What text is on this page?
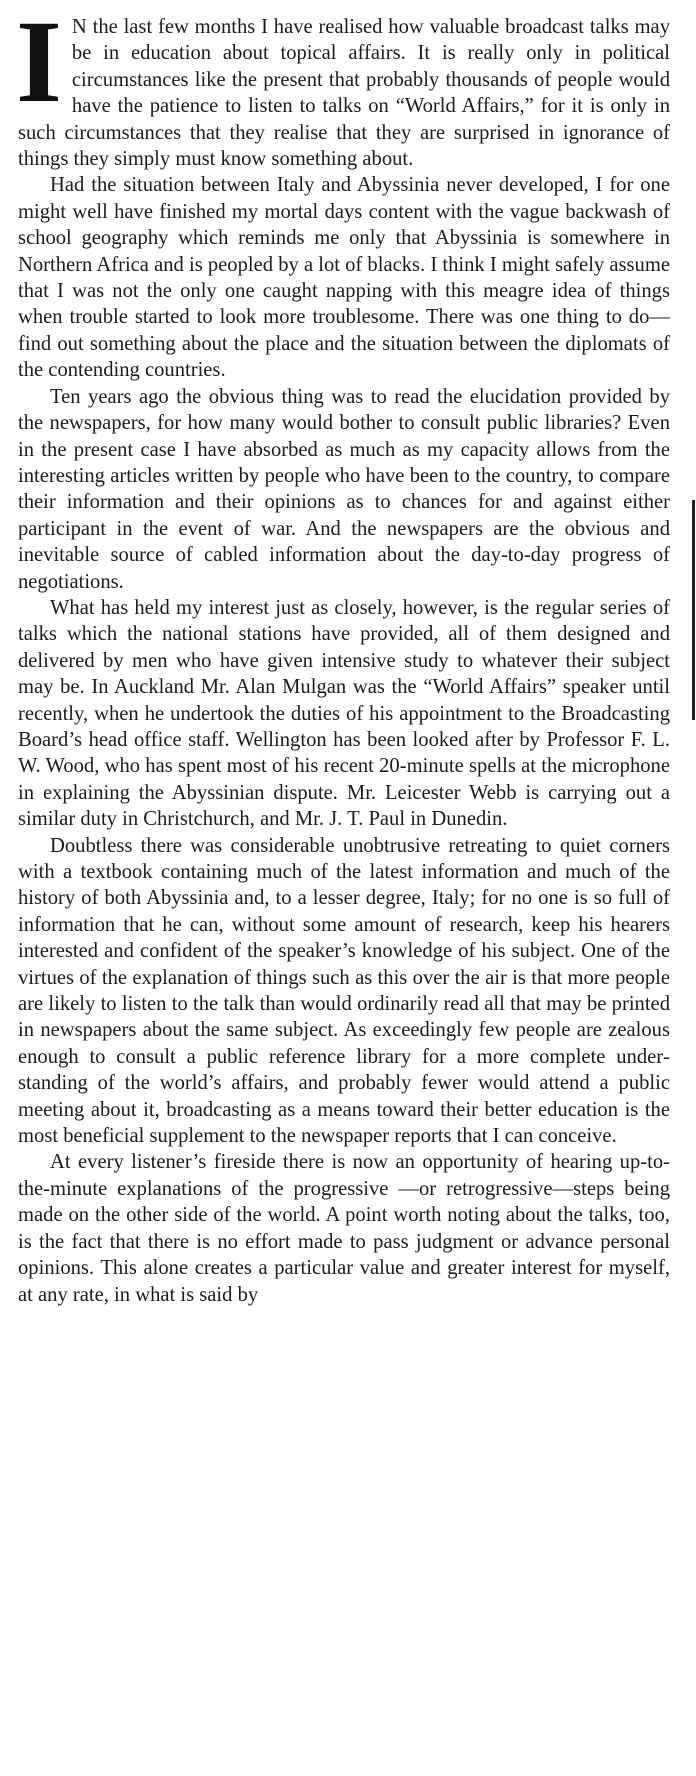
I N the last few months I have realised how valuable broadcast talks may be in education about topical affairs. It is really only in political circumstances like the present that probably thousands of people would have the patience to listen to talks on “World Affairs,” for it is only in such circumstances that they realise that they are surprised in ignorance of things they simply must know something about.

Had the situation between Italy and Abyssinia never developed, I for one might well have finished my mortal days content with the vague backwash of school geography which reminds me only that Abyssinia is somewhere in Northern Africa and is peopled by a lot of blacks. I think I might safely assume that I was not the only one caught napping with this meagre idea of things when trouble started to look more troublesome. There was one thing to do—find out something about the place and the situation between the diplomats of the contending countries.

Ten years ago the obvious thing was to read the elucidation provided by the newspapers, for how many would bother to consult public libraries? Even in the present case I have absorbed as much as my capacity allows from the interesting articles written by people who have been to the country, to compare their information and their opinions as to chances for and against either participant in the event of war. And the newspapers are the obvious and inevitable source of cabled information about the day-to-day progress of negotiations.

What has held my interest just as closely, however, is the regular series of talks which the national stations have provided, all of them designed and delivered by men who have given intensive study to whatever their subject may be. In Auckland Mr. Alan Mulgan was the “World Affairs” speaker until recently, when he undertook the duties of his appointment to the Broadcasting Board’s head office staff. Wellington has been looked after by Professor F. L. W. Wood, who has spent most of his recent 20-minute spells at the microphone in explaining the Abyssinian dispute. Mr. Leicester Webb is carrying out a similar duty in Christchurch, and Mr. J. T. Paul in Dunedin.

Doubtless there was considerable unobtrusive retreating to quiet corners with a textbook containing much of the latest information and much of the history of both Abyssinia and, to a lesser degree, Italy; for no one is so full of information that he can, without some amount of research, keep his hearers interested and confident of the speaker’s knowledge of his subject. One of the virtues of the explanation of things such as this over the air is that more people are likely to listen to the talk than would ordinarily read all that may be printed in newspapers about the same subject. As exceedingly few people are zealous enough to consult a public reference library for a more complete understanding of the world’s affairs, and probably fewer would attend a public meeting about it, broadcasting as a means toward their better education is the most beneficial supplement to the newspaper reports that I can conceive.

At every listener’s fireside there is now an opportunity of hearing up-to-the-minute explanations of the progressive —or retrogressive—steps being made on the other side of the world. A point worth noting about the talks, too, is the fact that there is no effort made to pass judgment or advance personal opinions. This alone creates a particular value and greater interest for myself, at any rate, in what is said by
